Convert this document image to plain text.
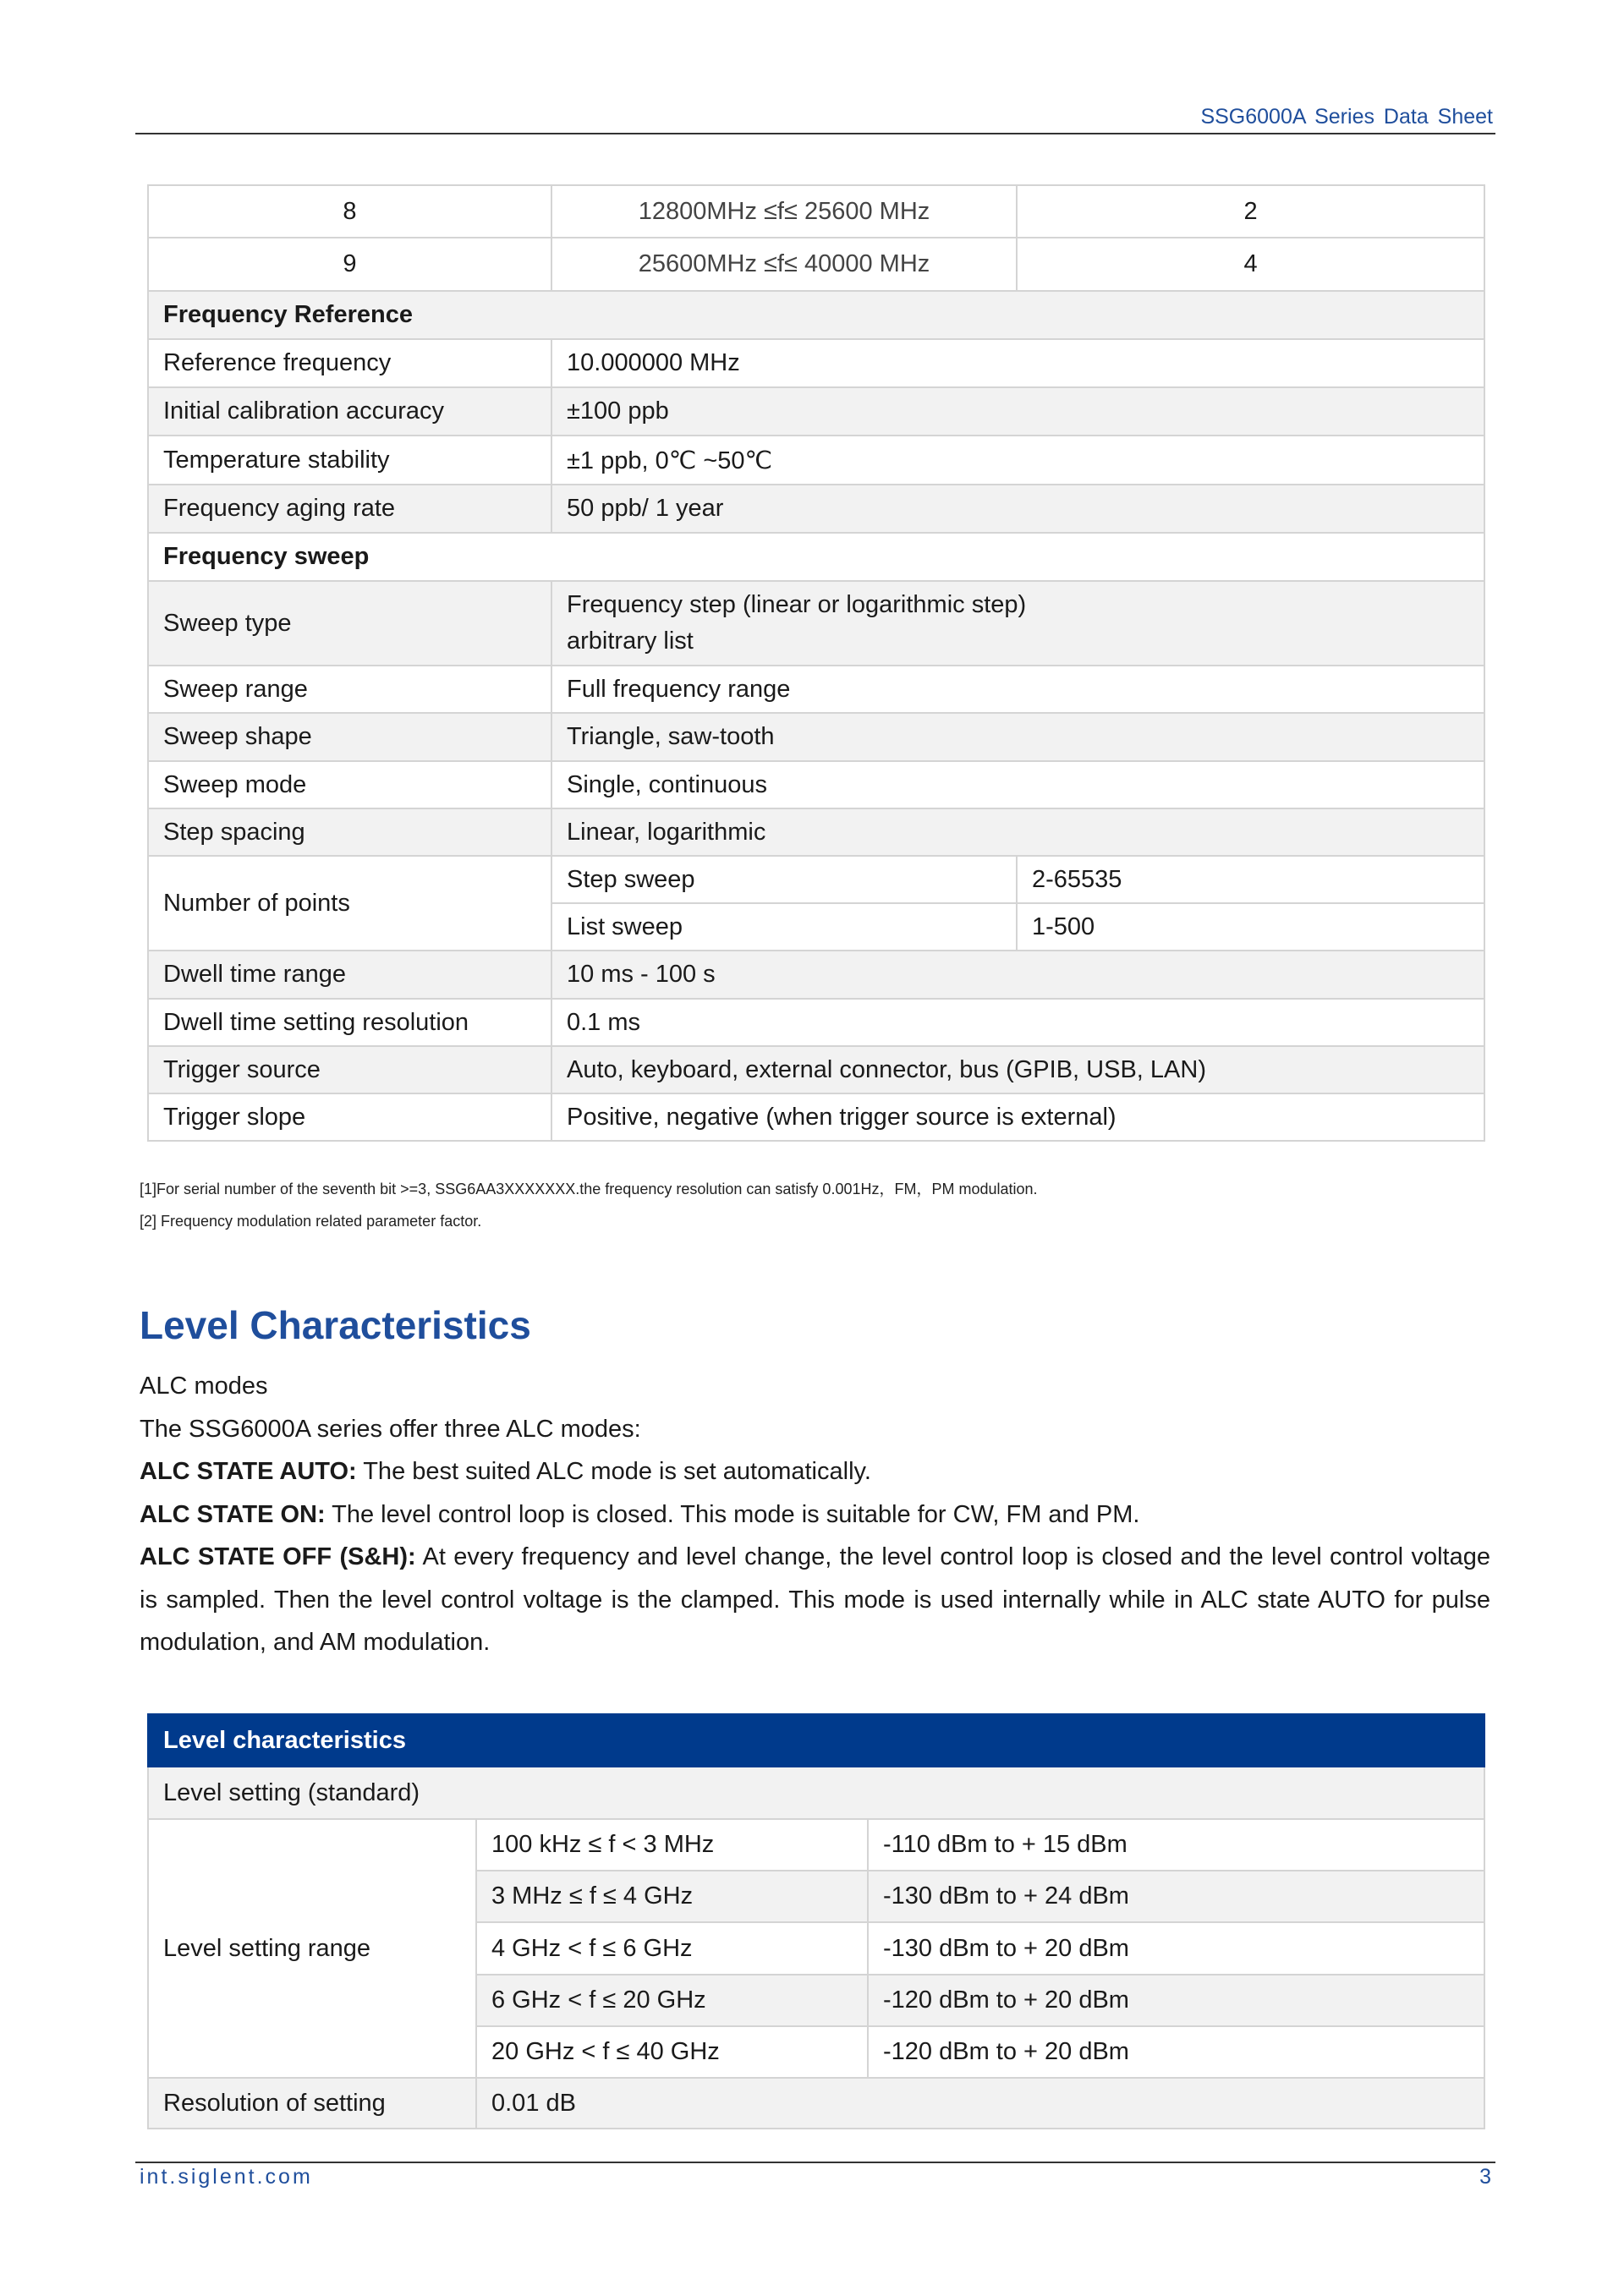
SSG6000A Series Data Sheet
8	12800MHz ≤f≤ 25600 MHz	2
9	25600MHz ≤f≤ 40000 MHz	4
Frequency Reference		
Reference frequency	10.000000 MHz	
Initial calibration accuracy	±100 ppb	
Temperature stability	±1 ppb, 0℃ ~50℃	
Frequency aging rate	50 ppb/ 1 year	
Frequency sweep		
Sweep type	Frequency step (linear or logarithmic step)
arbitrary list	

Sweep range	Full frequency range	
Sweep shape	Triangle, saw-tooth	
Sweep mode	Single, continuous	
Step spacing	Linear, logarithmic	
Number of points	Step sweep	2-65535
	List sweep	1-500
Dwell time range	10 ms - 100 s	
Dwell time setting resolution	0.1 ms	
Trigger source	Auto, keyboard, external connector, bus (GPIB, USB, LAN)	
Trigger slope	Positive, negative (when trigger source is external)	
[1]For serial number of the seventh bit >=3, SSG6AA3XXXXXXX.the frequency resolution can satisfy 0.001Hz，FM，PM modulation.
[2] Frequency modulation related parameter factor.
Level Characteristics

ALC modes

The SSG6000A series offer three ALC modes:

ALC STATE AUTO: The best suited ALC mode is set automatically.

ALC STATE ON: The level control loop is closed. This mode is suitable for CW, FM and PM.

ALC STATE OFF (S&H): At every frequency and level change, the level control loop is closed and the level control voltage is sampled. Then the level control voltage is the clamped. This mode is used internally while in ALC state AUTO for pulse modulation, and AM modulation.

Level characteristics		
Level setting (standard)		
Level setting range	100 kHz ≤ f < 3 MHz	-110 dBm to + 15 dBm
	3 MHz ≤ f ≤ 4 GHz	-130 dBm to + 24 dBm
	4 GHz < f ≤ 6 GHz	-130 dBm to + 20 dBm
	6 GHz < f ≤ 20 GHz	-120 dBm to + 20 dBm
	20 GHz < f ≤ 40 GHz	-120 dBm to + 20 dBm
Resolution of setting	0.01 dB	
int.siglent.com	3
